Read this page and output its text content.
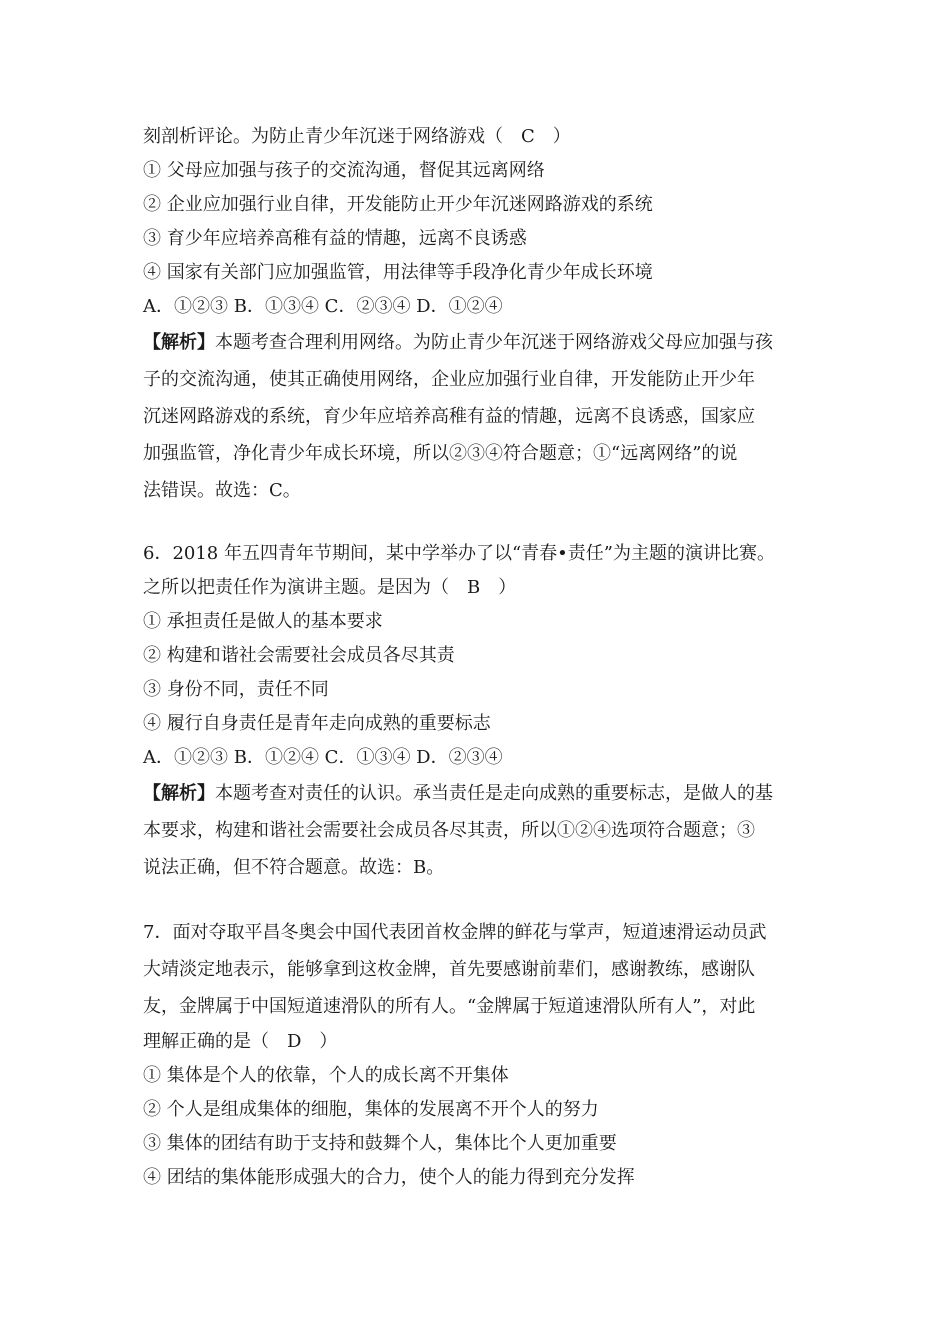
刻剖析评论。为防止青少年沉迷于网络游戏（　C　）
① 父母应加强与孩子的交流沟通，督促其远离网络
② 企业应加强行业自律，开发能防止开少年沉迷网路游戏的系统
③ 育少年应培养高稚有益的情趣，远离不良诱惑
④ 国家有关部门应加强监管，用法律等手段净化青少年成长环境
A．①②③ B．①③④ C．②③④ D．①②④
【解析】本题考查合理利用网络。为防止青少年沉迷于网络游戏父母应加强与孩
子的交流沟通，使其正确使用网络，企业应加强行业自律，开发能防止开少年
沉迷网路游戏的系统，育少年应培养高稚有益的情趣，远离不良诱惑，国家应
加强监管，净化青少年成长环境，所以②③④符合题意；①“远离网络”的说
法错误。故选：C。
6．2018 年五四青年节期间，某中学举办了以“青春•责任”为主题的演讲比赛。
之所以把责任作为演讲主题。是因为（　B　）
① 承担责任是做人的基本要求
② 构建和谐社会需要社会成员各尽其责
③ 身份不同，责任不同
④ 履行自身责任是青年走向成熟的重要标志
A．①②③ B．①②④ C．①③④ D．②③④
【解析】本题考查对责任的认识。承当责任是走向成熟的重要标志，是做人的基
本要求，构建和谐社会需要社会成员各尽其责，所以①②④选项符合题意；③
说法正确，但不符合题意。故选：B。
7．面对夺取平昌冬奥会中国代表团首枚金牌的鲜花与掌声，短道速滑运动员武
大靖淡定地表示，能够拿到这枚金牌，首先要感谢前辈们，感谢教练，感谢队
友，金牌属于中国短道速滑队的所有人。“金牌属于短道速滑队所有人”，对此
理解正确的是（　D　）
① 集体是个人的依靠，个人的成长离不开集体
② 个人是组成集体的细胞，集体的发展离不开个人的努力
③ 集体的团结有助于支持和鼓舞个人，集体比个人更加重要
④ 团结的集体能形成强大的合力，使个人的能力得到充分发挥
